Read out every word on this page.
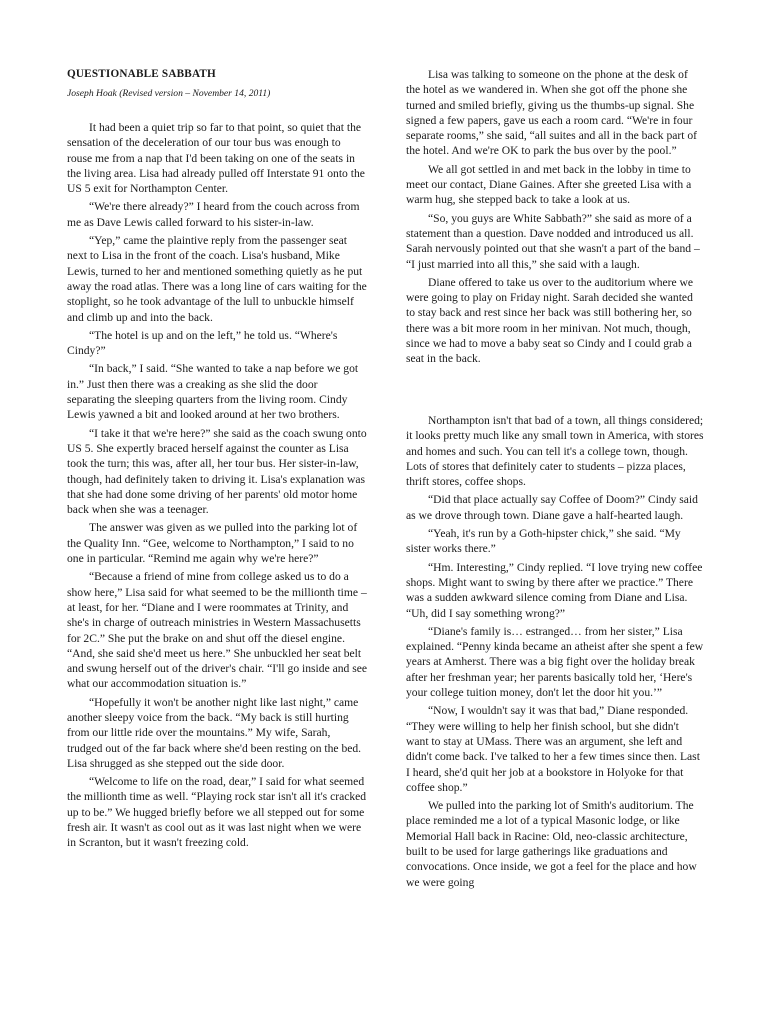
QUESTIONABLE SABBATH
Joseph Hoak (Revised version – November 14, 2011)

It had been a quiet trip so far to that point, so quiet that the sensation of the deceleration of our tour bus was enough to rouse me from a nap that I'd been taking on one of the seats in the living area. Lisa had already pulled off Interstate 91 onto the US 5 exit for Northampton Center.

“We're there already?” I heard from the couch across from me as Dave Lewis called forward to his sister-in-law.

“Yep,” came the plaintive reply from the passenger seat next to Lisa in the front of the coach. Lisa's husband, Mike Lewis, turned to her and mentioned something quietly as he put away the road atlas. There was a long line of cars waiting for the stoplight, so he took advantage of the lull to unbuckle himself and climb up and into the back.

“The hotel is up and on the left,” he told us. “Where's Cindy?”

“In back,” I said. “She wanted to take a nap before we got in.” Just then there was a creaking as she slid the door separating the sleeping quarters from the living room. Cindy Lewis yawned a bit and looked around at her two brothers.

“I take it that we're here?” she said as the coach swung onto US 5. She expertly braced herself against the counter as Lisa took the turn; this was, after all, her tour bus. Her sister-in-law, though, had definitely taken to driving it. Lisa's explanation was that she had done some driving of her parents' old motor home back when she was a teenager.

The answer was given as we pulled into the parking lot of the Quality Inn. “Gee, welcome to Northampton,” I said to no one in particular. “Remind me again why we're here?”

“Because a friend of mine from college asked us to do a show here,” Lisa said for what seemed to be the millionth time – at least, for her. “Diane and I were roommates at Trinity, and she's in charge of outreach ministries in Western Massachusetts for 2C.” She put the brake on and shut off the diesel engine. “And, she said she'd meet us here.” She unbuckled her seat belt and swung herself out of the driver's chair. “I'll go inside and see what our accommodation situation is.”

“Hopefully it won't be another night like last night,” came another sleepy voice from the back. “My back is still hurting from our little ride over the mountains.” My wife, Sarah, trudged out of the far back where she'd been resting on the bed. Lisa shrugged as she stepped out the side door.

“Welcome to life on the road, dear,” I said for what seemed the millionth time as well. “Playing rock star isn't all it's cracked up to be.” We hugged briefly before we all stepped out for some fresh air. It wasn't as cool out as it was last night when we were in Scranton, but it wasn't freezing cold.

Lisa was talking to someone on the phone at the desk of the hotel as we wandered in. When she got off the phone she turned and smiled briefly, giving us the thumbs-up signal. She signed a few papers, gave us each a room card. “We're in four separate rooms,” she said, “all suites and all in the back part of the hotel. And we're OK to park the bus over by the pool.”

We all got settled in and met back in the lobby in time to meet our contact, Diane Gaines. After she greeted Lisa with a warm hug, she stepped back to take a look at us.

“So, you guys are White Sabbath?” she said as more of a statement than a question. Dave nodded and introduced us all. Sarah nervously pointed out that she wasn't a part of the band – “I just married into all this,” she said with a laugh.

Diane offered to take us over to the auditorium where we were going to play on Friday night. Sarah decided she wanted to stay back and rest since her back was still bothering her, so there was a bit more room in her minivan. Not much, though, since we had to move a baby seat so Cindy and I could grab a seat in the back.

Northampton isn't that bad of a town, all things considered; it looks pretty much like any small town in America, with stores and homes and such. You can tell it's a college town, though. Lots of stores that definitely cater to students – pizza places, thrift stores, coffee shops.

“Did that place actually say Coffee of Doom?” Cindy said as we drove through town. Diane gave a half-hearted laugh.

“Yeah, it's run by a Goth-hipster chick,” she said. “My sister works there.”

“Hm. Interesting,” Cindy replied. “I love trying new coffee shops. Might want to swing by there after we practice.” There was a sudden awkward silence coming from Diane and Lisa. “Uh, did I say something wrong?”

“Diane's family is… estranged… from her sister,” Lisa explained. “Penny kinda became an atheist after she spent a few years at Amherst. There was a big fight over the holiday break after her freshman year; her parents basically told her, ‘Here's your college tuition money, don't let the door hit you.’”

“Now, I wouldn't say it was that bad,” Diane responded. “They were willing to help her finish school, but she didn't want to stay at UMass. There was an argument, she left and didn't come back. I've talked to her a few times since then. Last I heard, she'd quit her job at a bookstore in Holyoke for that coffee shop.”

We pulled into the parking lot of Smith's auditorium. The place reminded me a lot of a typical Masonic lodge, or like Memorial Hall back in Racine: Old, neo-classic architecture, built to be used for large gatherings like graduations and convocations. Once inside, we got a feel for the place and how we were going
